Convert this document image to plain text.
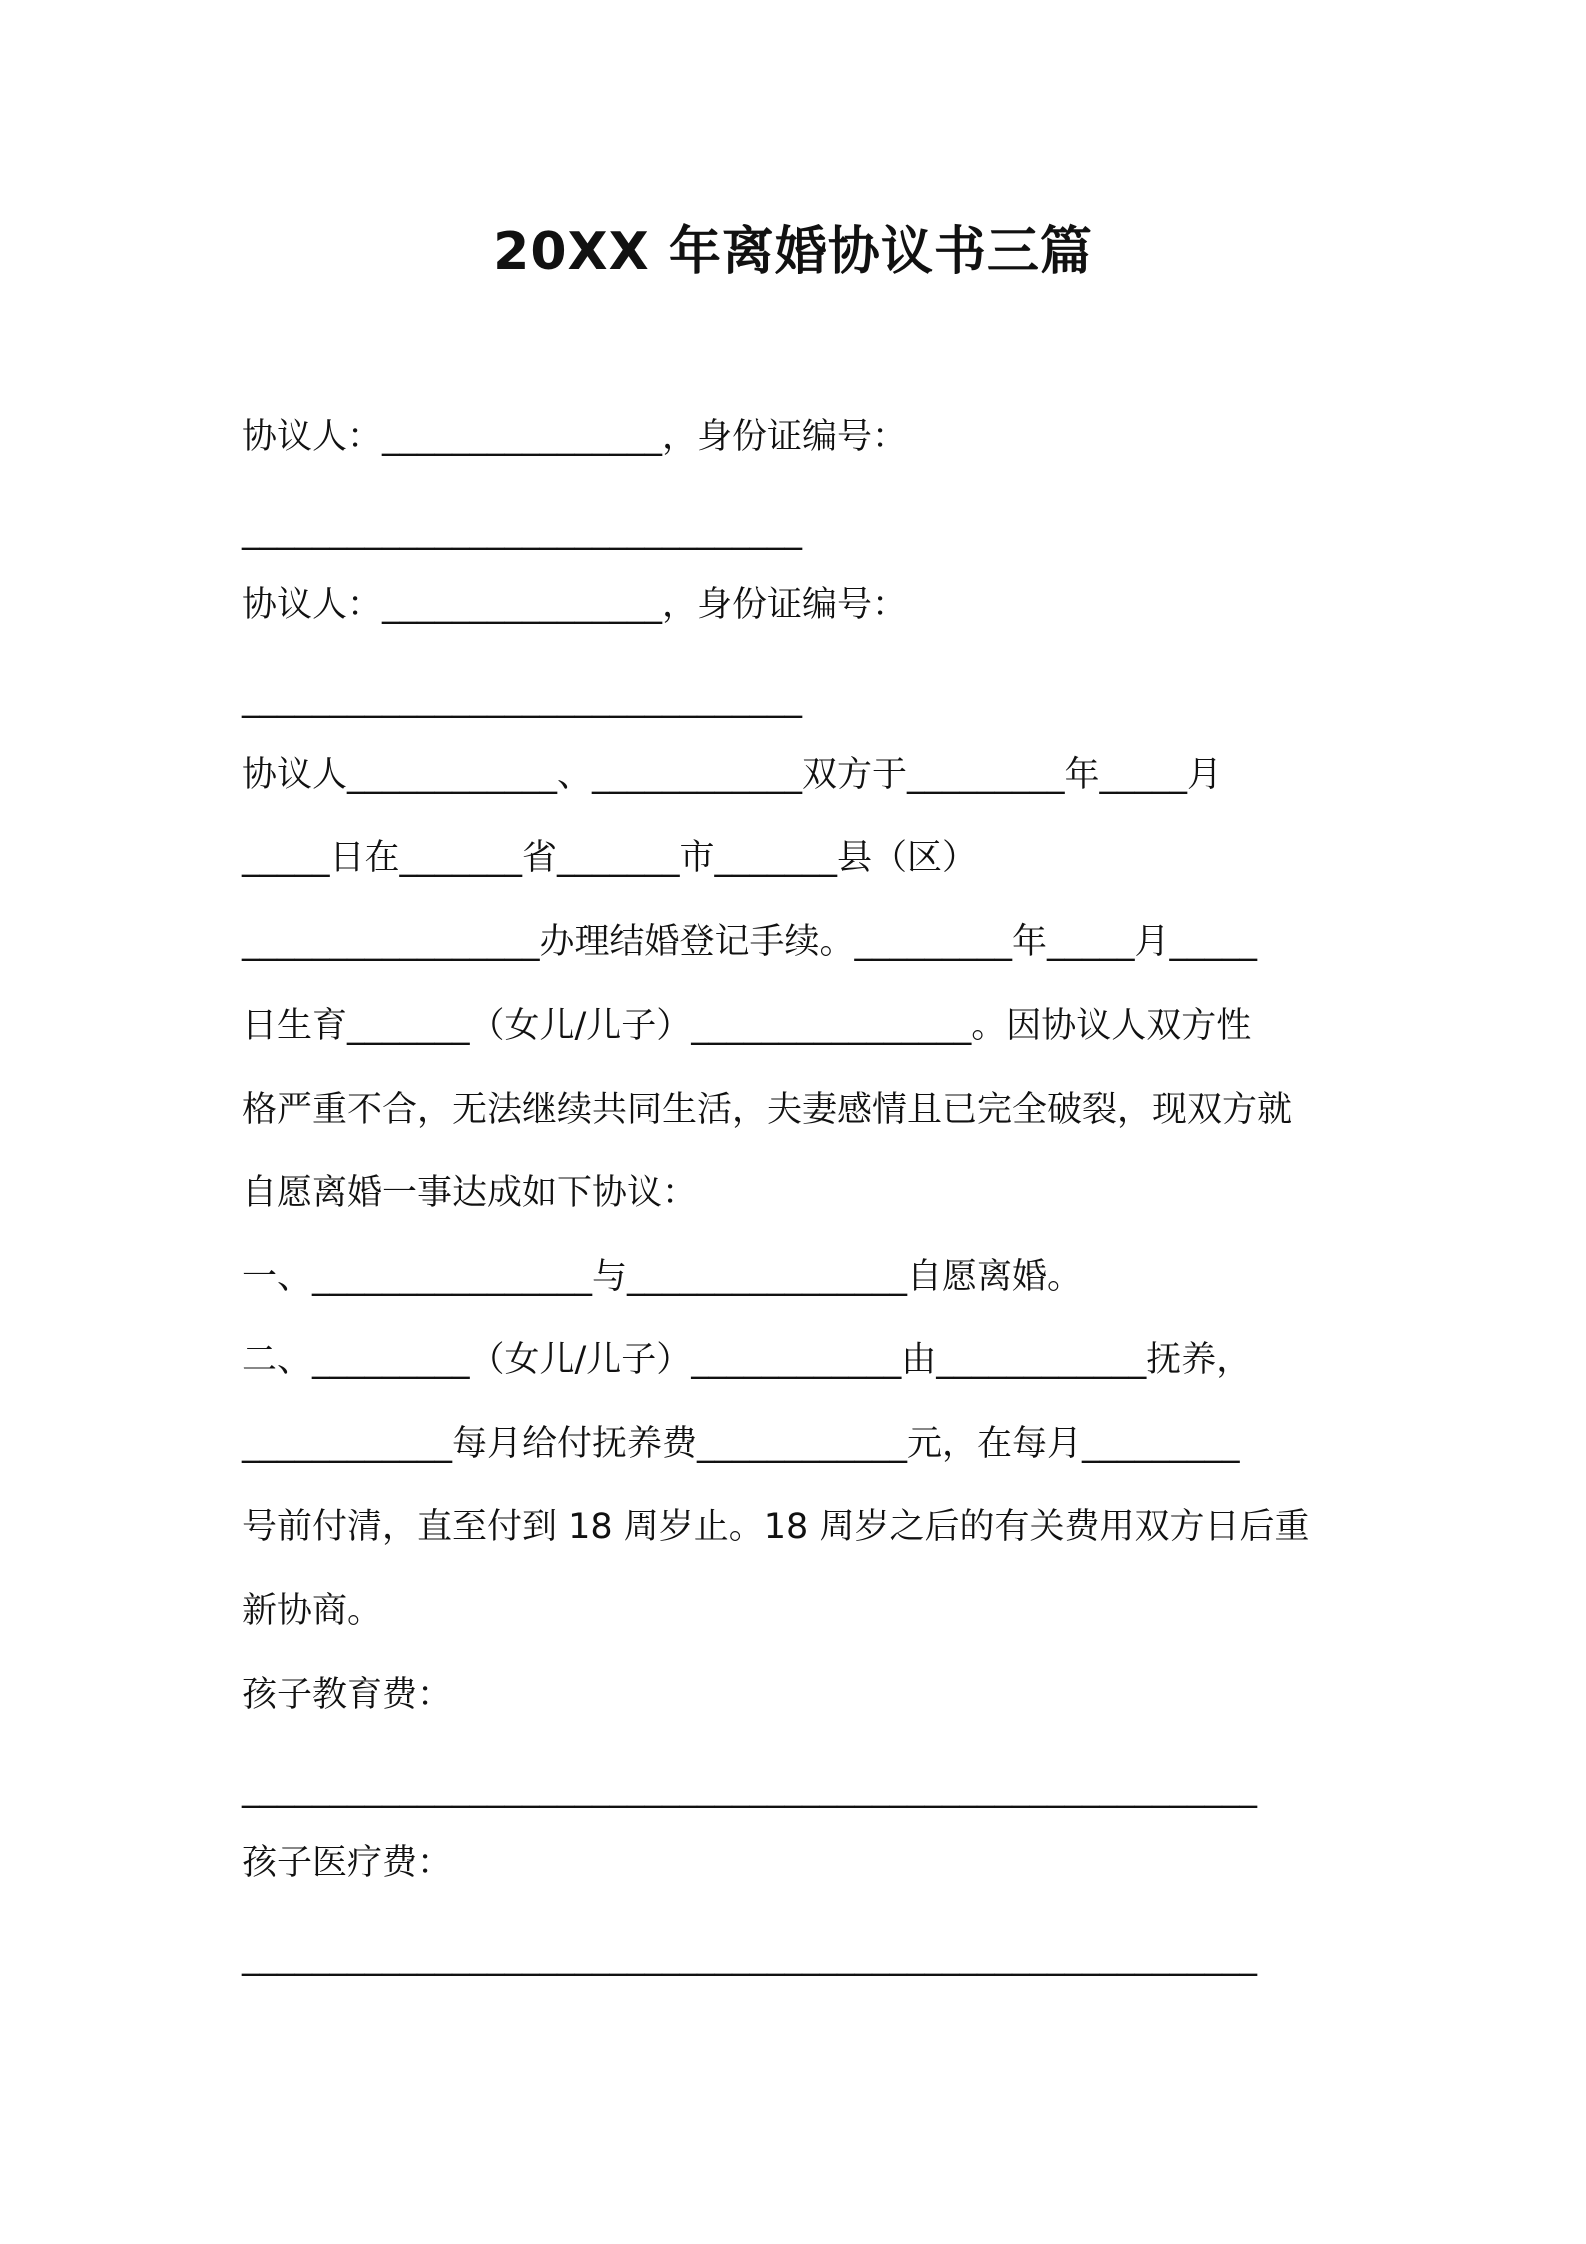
20XX 年离婚协议书三篇
协议人：________________，身份证编号：
________________________________
协议人：________________，身份证编号：
________________________________
协议人____________、____________双方于_________年_____月
_____日在_______省_______市_______县（区）
_________________办理结婚登记手续。_________年_____月_____
日生育_______（女儿/儿子）________________。因协议人双方性
格严重不合，无法继续共同生活，夫妻感情且已完全破裂，现双方就
自愿离婚一事达成如下协议：
一、________________与________________自愿离婚。
二、_________（女儿/儿子）____________由____________抚养，
____________每月给付抚养费____________元，在每月_________
号前付清，直至付到 18 周岁止。18 周岁之后的有关费用双方日后重
新协商。
孩子教育费：
__________________________________________________________
孩子医疗费：
__________________________________________________________
